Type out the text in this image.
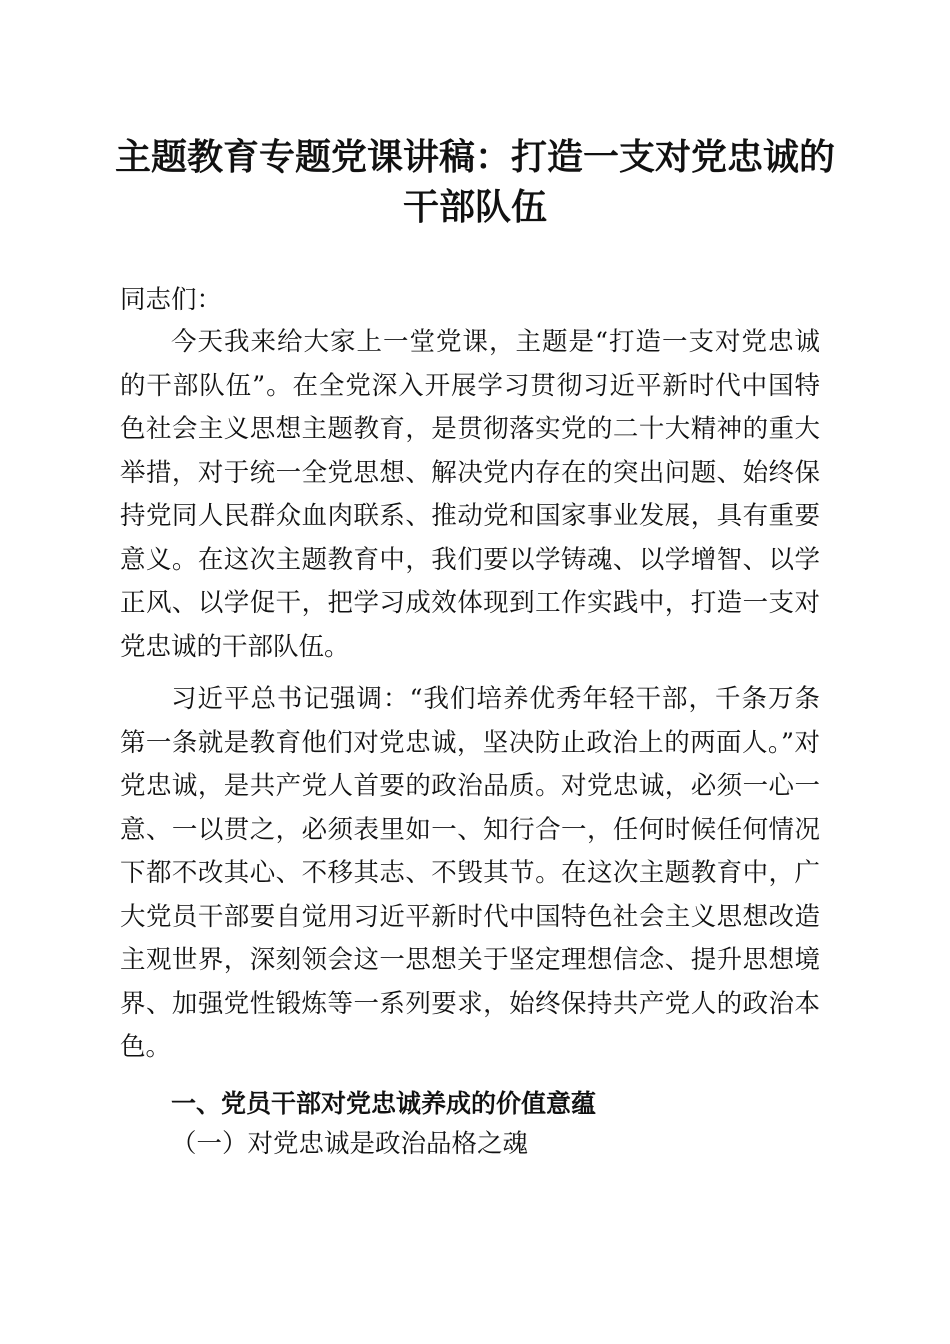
主题教育专题党课讲稿：打造一支对党忠诚的干部队伍
同志们：

今天我来给大家上一堂党课，主题是“打造一支对党忠诚的干部队伍”。在全党深入开展学习贯彻习近平新时代中国特色社会主义思想主题教育，是贯彻落实党的二十大精神的重大举措，对于统一全党思想、解决党内存在的突出问题、始终保持党同人民群众血肉联系、推动党和国家事业发展，具有重要意义。在这次主题教育中，我们要以学铸魂、以学增智、以学正风、以学促干，把学习成效体现到工作实践中，打造一支对党忠诚的干部队伍。

习近平总书记强调：“我们培养优秀年轻干部，千条万条第一条就是教育他们对党忠诚，坚决防止政治上的两面人。”对党忠诚，是共产党人首要的政治品质。对党忠诚，必须一心一意、一以贯之，必须表里如一、知行合一，任何时候任何情况下都不改其心、不移其志、不毁其节。在这次主题教育中，广大党员干部要自觉用习近平新时代中国特色社会主义思想改造主观世界，深刻领会这一思想关于坚定理想信念、提升思想境界、加强党性锻炼等一系列要求，始终保持共产党人的政治本色。

一、党员干部对党忠诚养成的价值意蕴
（一）对党忠诚是政治品格之魂
